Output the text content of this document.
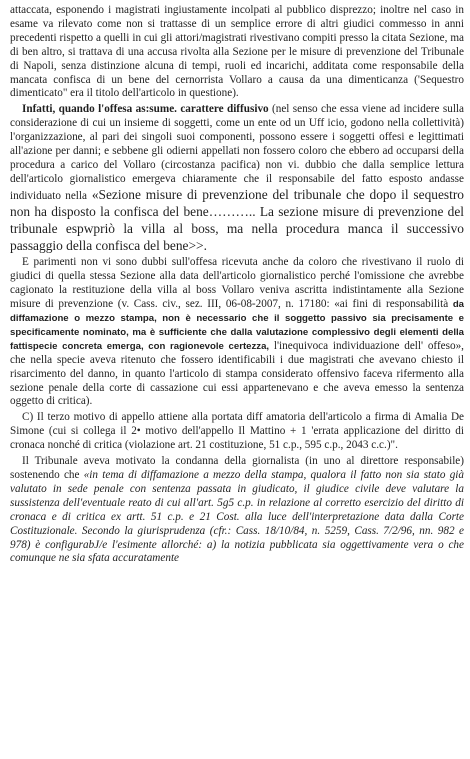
attaccata, esponendo i magistrati ingiustamente incolpati al pubblico disprezzo; inoltre nel caso in esame va rilevato come non si trattasse di un semplice errore di altri giudici commesso in anni precedenti rispetto a quelli in cui gli attori/magistrati rivestivano compiti presso la citata Sezione, ma di ben altro, si trattava di una accusa rivolta alla Sezione per le misure di prevenzione del Tribunale di Napoli, senza distinzione alcuna di tempi, ruoli ed incarichi, additata come responsabile della mancata confisca di un bene del cernorrista Vollaro a causa da una dimenticanza ('Sequestro dimenticato" era il titolo dell'articolo in questione).

Infatti, quando l'offesa as:sume. carattere diffusivo (nel senso che essa viene ad incidere sulla considerazione di cui un insieme di soggetti, come un ente od un Uff icio, godono nella collettività) l'organizzazione, al pari dei singoli suoi componenti, possono essere i soggetti offesi e legittimati all'azione per danni; e sebbene gli odierni appellati non fossero coloro che ebbero ad occuparsi della procedura a carico del Vollaro (circostanza pacifica) non vi. dubbio che dalla semplice lettura dell'articolo giornalistico emergeva chiaramente che il responsabile del fatto esposto andasse individuato nella «Sezione misure di prevenzione del tribunale che dopo il sequestro non ha disposto la confisca del bene……….. La sezione misure di prevenzione del tribunale espwpriò la villa al boss, ma nella procedura manca il successivo passaggio della confisca del bene>>.

E parimenti non vi sono dubbi sull'offesa ricevuta anche da coloro che rivestivano il ruolo di giudici di quella stessa Sezione alla data dell'articolo giornalistico perché l'omissione che avrebbe cagionato la restituzione della villa al boss Vollaro veniva ascritta indistintamente alla Sezione misure di prevenzione (v. Cass. civ., sez. III, 06-08-2007, n. 17180: «ai fini di responsabilità da diffamazione o mezzo stampa, non è necessario che il soggetto passivo sia precisamente e specificamente nominato, ma è sufficiente che dalla valutazione complessivo degli elementi della fattispecie concreta emerga, con ragionevole certezza, l'inequivoca individuazione dell' offeso», che nella specie aveva ritenuto che fossero identificabili i due magistrati che avevano chiesto il risarcimento del danno, in quanto l'articolo di stampa considerato offensivo faceva rifermento alla sezione penale della corte di cassazione cui essi appartenevano e che aveva emesso la sentenza oggetto di critica).

C) Il terzo motivo di appello attiene alla portata diff amatoria dell'articolo a firma di Amalia De Simone (cui si collega il 2• motivo dell'appello Il Mattino + 1 'errata applicazione del diritto di cronaca nonché di critica (violazione art. 21 costituzione, 51 c.p., 595 c.p., 2043 c.c.)".

Il Tribunale aveva motivato la condanna della giornalista (in uno al direttore responsabile) sostenendo che «in tema di diffamazione a mezzo della stampa, qualora il fatto non sia stato già valutato in sede penale con sentenza passata in giudicato, il giudice civile deve valutare la sussistenza dell'eventuale reato di cui all'art. 5g5 c.p. in relazione al corretto esercizio del diritto di cronaca e di critica ex artt. 51 c.p. e 21 Cost. alla luce dell'interpretazione data dalla Corte Costituzionale. Secondo la giurisprudenza (cfr.: Cass. 18/10/84, n. 5259, Cass. 7/2/96, nn. 982 e 978) è configurabJ/e l'esimente allorché: a) la notizia pubblicata sia oggettivamente vera o che comunque ne sia sfata accuratamente
